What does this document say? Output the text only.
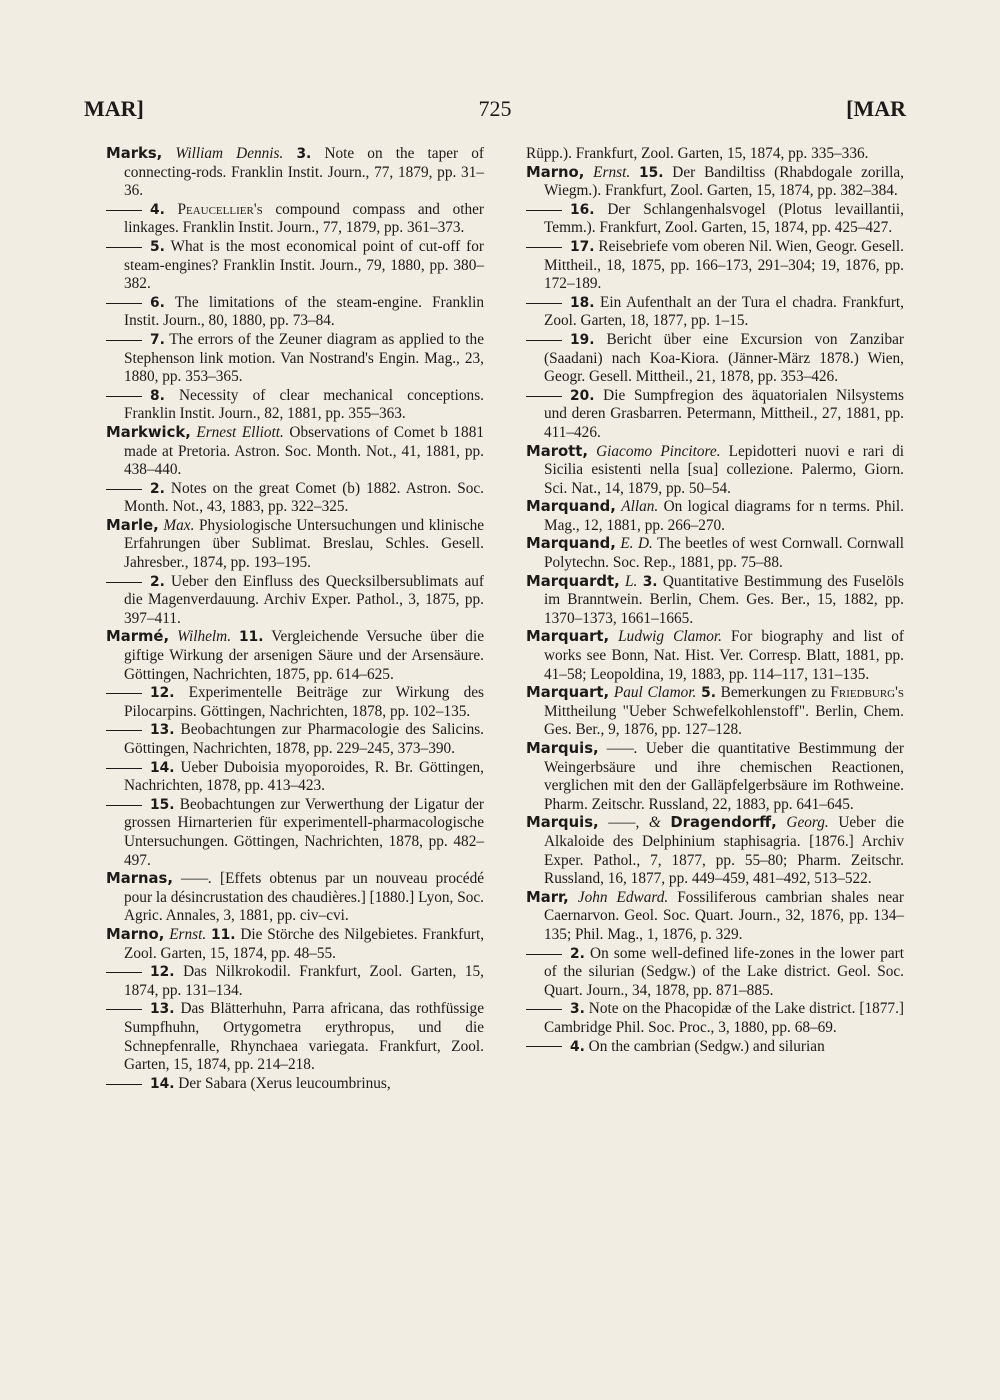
MAR]	725	[MAR

Marks, William Dennis. 3. Note on the taper of connecting-rods. Franklin Instit. Journ., 77, 1879, pp. 31–36.

4. Peaucellier's compound compass and other linkages. Franklin Instit. Journ., 77, 1879, pp. 361–373.

5. What is the most economical point of cut-off for steam-engines? Franklin Instit. Journ., 79, 1880, pp. 380–382.

6. The limitations of the steam-engine. Franklin Instit. Journ., 80, 1880, pp. 73–84.

7. The errors of the Zeuner diagram as applied to the Stephenson link motion. Van Nostrand's Engin. Mag., 23, 1880, pp. 353–365.

8. Necessity of clear mechanical conceptions. Franklin Instit. Journ., 82, 1881, pp. 355–363.

Markwick, Ernest Elliott. Observations of Comet b 1881 made at Pretoria. Astron. Soc. Month. Not., 41, 1881, pp. 438–440.

2. Notes on the great Comet (b) 1882. Astron. Soc. Month. Not., 43, 1883, pp. 322–325.

Marle, Max. Physiologische Untersuchungen und klinische Erfahrungen über Sublimat. Breslau, Schles. Gesell. Jahresber., 1874, pp. 193–195.

2. Ueber den Einfluss des Quecksilbersublimats auf die Magenverdauung. Archiv Exper. Pathol., 3, 1875, pp. 397–411.

Marmé, Wilhelm. 11. Vergleichende Versuche über die giftige Wirkung der arsenigen Säure und der Arsensäure. Göttingen, Nachrichten, 1875, pp. 614–625.

12. Experimentelle Beiträge zur Wirkung des Pilocarpins. Göttingen, Nachrichten, 1878, pp. 102–135.

13. Beobachtungen zur Pharmacologie des Salicins. Göttingen, Nachrichten, 1878, pp. 229–245, 373–390.

14. Ueber Duboisia myoporoides, R. Br. Göttingen, Nachrichten, 1878, pp. 413–423.

15. Beobachtungen zur Verwerthung der Ligatur der grossen Hirnarterien für experimentell-pharmacologische Untersuchungen. Göttingen, Nachrichten, 1878, pp. 482–497.

Marnas, ——. [Effets obtenus par un nouveau procédé pour la désincrustation des chaudières.] [1880.] Lyon, Soc. Agric. Annales, 3, 1881, pp. civ–cvi.

Marno, Ernst. 11. Die Störche des Nilgebietes. Frankfurt, Zool. Garten, 15, 1874, pp. 48–55.

12. Das Nilkrokodil. Frankfurt, Zool. Garten, 15, 1874, pp. 131–134.

13. Das Blätterhuhn, Parra africana, das rothfüssige Sumpfhuhn, Ortygometra erythropus, und die Schnepfenralle, Rhynchaea variegata. Frankfurt, Zool. Garten, 15, 1874, pp. 214–218.

14. Der Sabara (Xerus leucoumbrinus,

Rüpp.). Frankfurt, Zool. Garten, 15, 1874, pp. 335–336.

Marno, Ernst. 15. Der Bandiltiss (Rhabdogale zorilla, Wiegm.). Frankfurt, Zool. Garten, 15, 1874, pp. 382–384.

16. Der Schlangenhalsvogel (Plotus levaillantii, Temm.). Frankfurt, Zool. Garten, 15, 1874, pp. 425–427.

17. Reisebriefe vom oberen Nil. Wien, Geogr. Gesell. Mittheil., 18, 1875, pp. 166–173, 291–304; 19, 1876, pp. 172–189.

18. Ein Aufenthalt an der Tura el chadra. Frankfurt, Zool. Garten, 18, 1877, pp. 1–15.

19. Bericht über eine Excursion von Zanzibar (Saadani) nach Koa-Kiora. (Jänner-März 1878.) Wien, Geogr. Gesell. Mittheil., 21, 1878, pp. 353–426.

20. Die Sumpfregion des äquatorialen Nilsystems und deren Grasbarren. Petermann, Mittheil., 27, 1881, pp. 411–426.

Marott, Giacomo Pincitore. Lepidotteri nuovi e rari di Sicilia esistenti nella [sua] collezione. Palermo, Giorn. Sci. Nat., 14, 1879, pp. 50–54.

Marquand, Allan. On logical diagrams for n terms. Phil. Mag., 12, 1881, pp. 266–270.

Marquand, E. D. The beetles of west Cornwall. Cornwall Polytechn. Soc. Rep., 1881, pp. 75–88.

Marquardt, L. 3. Quantitative Bestimmung des Fuselöls im Branntwein. Berlin, Chem. Ges. Ber., 15, 1882, pp. 1370–1373, 1661–1665.

Marquart, Ludwig Clamor. For biography and list of works see Bonn, Nat. Hist. Ver. Corresp. Blatt, 1881, pp. 41–58; Leopoldina, 19, 1883, pp. 114–117, 131–135.

Marquart, Paul Clamor. 5. Bemerkungen zu Friedburg's Mittheilung "Ueber Schwefelkohlenstoff". Berlin, Chem. Ges. Ber., 9, 1876, pp. 127–128.

Marquis, ——. Ueber die quantitative Bestimmung der Weingerbsäure und ihre chemischen Reactionen, verglichen mit den der Galläpfelgerbsäure im Rothweine. Pharm. Zeitschr. Russland, 22, 1883, pp. 641–645.

Marquis, ——, & Dragendorff, Georg. Ueber die Alkaloide des Delphinium staphisagria. [1876.] Archiv Exper. Pathol., 7, 1877, pp. 55–80; Pharm. Zeitschr. Russland, 16, 1877, pp. 449–459, 481–492, 513–522.

Marr, John Edward. Fossiliferous cambrian shales near Caernarvon. Geol. Soc. Quart. Journ., 32, 1876, pp. 134–135; Phil. Mag., 1, 1876, p. 329.

2. On some well-defined life-zones in the lower part of the silurian (Sedgw.) of the Lake district. Geol. Soc. Quart. Journ., 34, 1878, pp. 871–885.

3. Note on the Phacopidæ of the Lake district. [1877.] Cambridge Phil. Soc. Proc., 3, 1880, pp. 68–69.

4. On the cambrian (Sedgw.) and silurian
